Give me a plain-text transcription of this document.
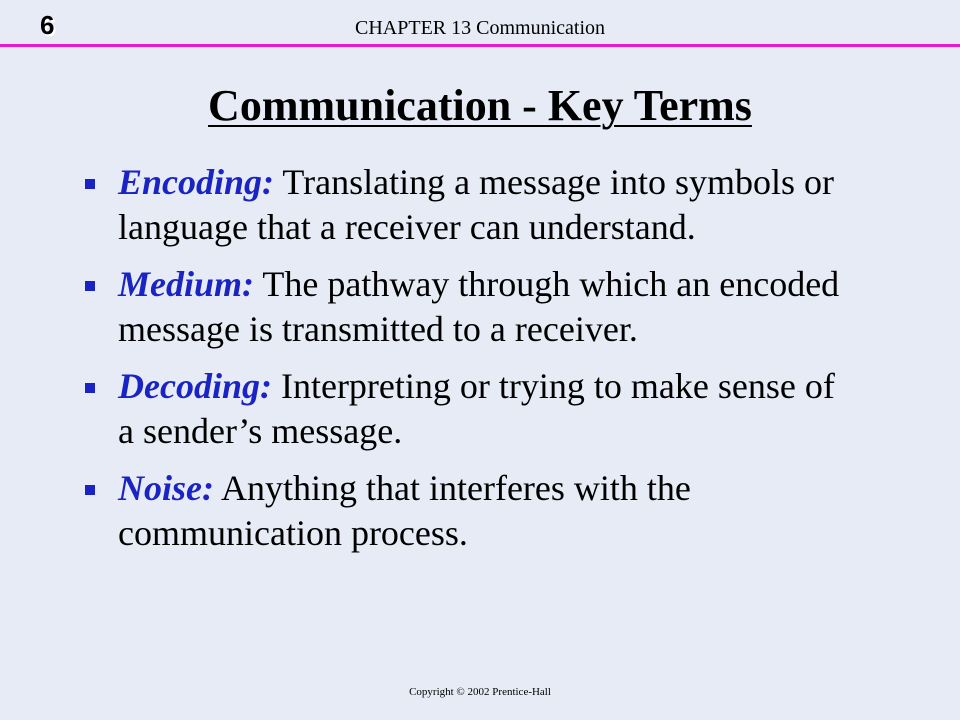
6	CHAPTER 13 Communication
Communication - Key Terms
Encoding: Translating a message into symbols or language that a receiver can understand.
Medium: The pathway through which an encoded message is transmitted to a receiver.
Decoding: Interpreting or trying to make sense of a sender’s message.
Noise: Anything that interferes with the communication process.
Copyright © 2002 Prentice-Hall
